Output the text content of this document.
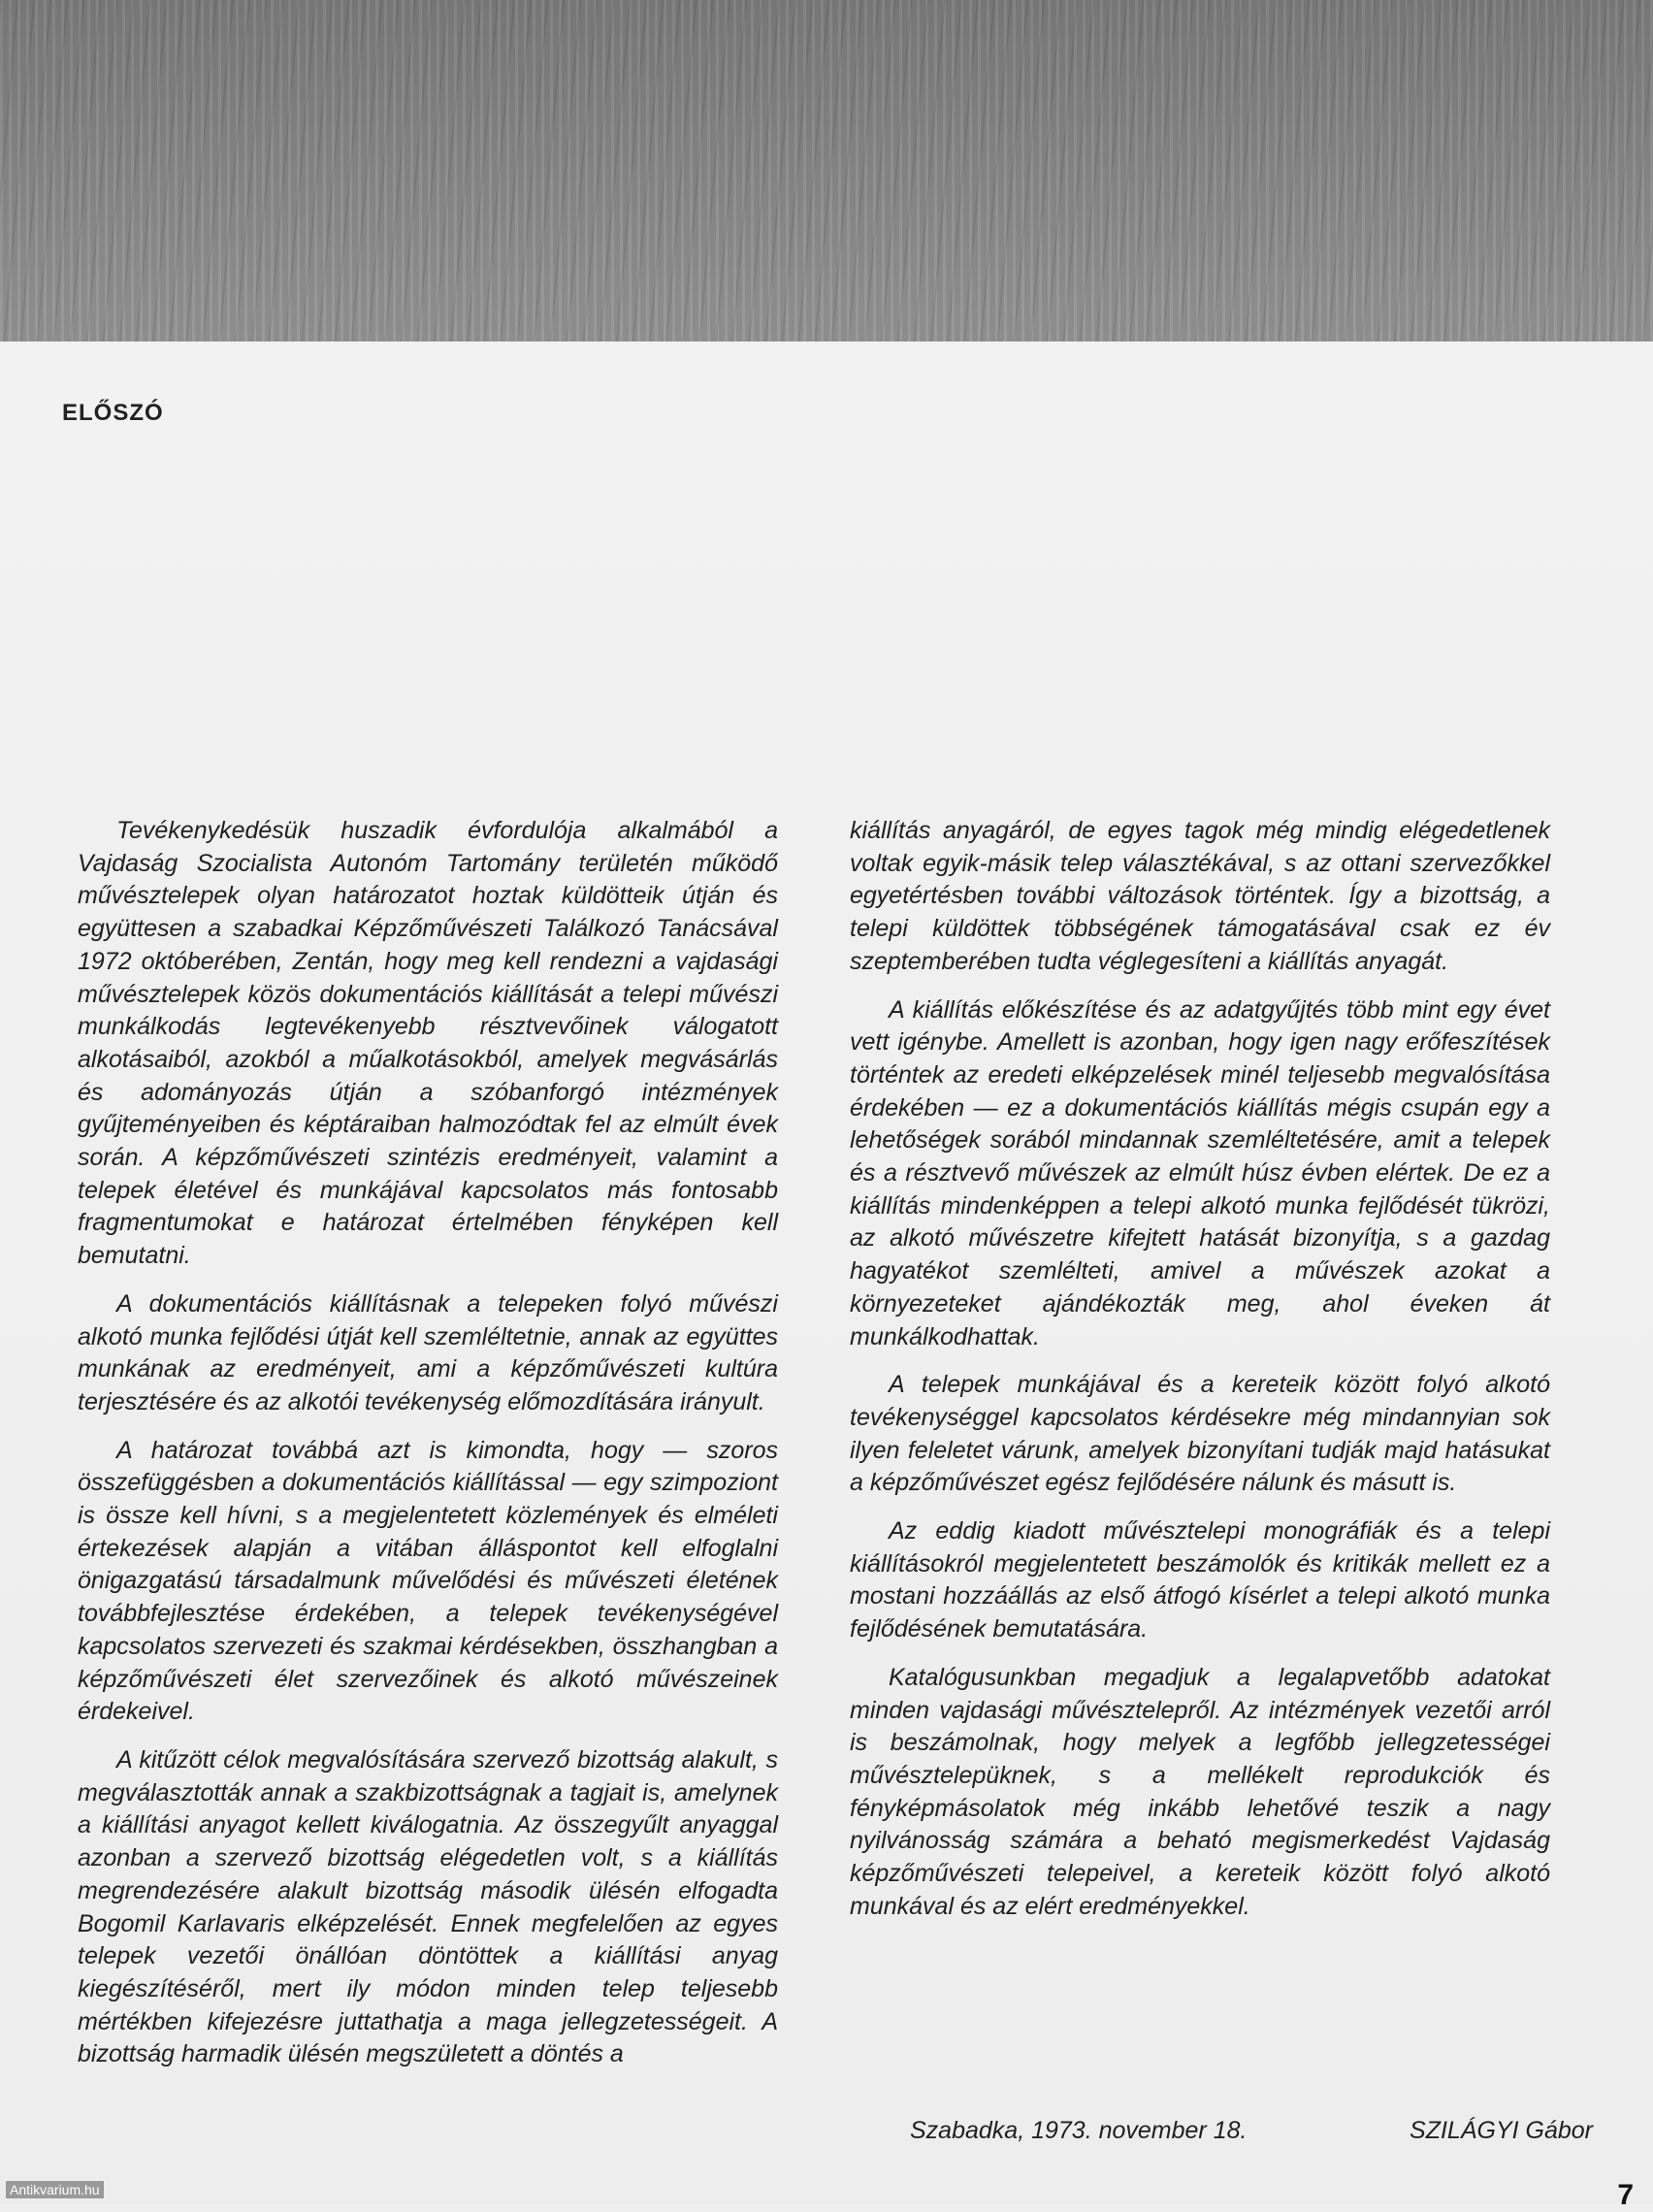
ELŐSZÓ

Tevékenykedésük huszadik évfordulója alkalmából a Vajdaság Szocialista Autonóm Tartomány területén működő művésztelepek olyan határozatot hoztak küldötteik útján és együttesen a szabadkai Képzőművészeti Találkozó Tanácsával 1972 októberében, Zentán, hogy meg kell rendezni a vajdasági művésztelepek közös dokumentációs kiállítását a telepi művészi munkálkodás legtevékenyebb résztvevőinek válogatott alkotásaiból, azokból a műalkotásokból, amelyek megvásárlás és adományozás útján a szóbanforgó intézmények gyűjteményeiben és képtáraiban halmozódtak fel az elmúlt évek során. A képzőművészeti szintézis eredményeit, valamint a telepek életével és munkájával kapcsolatos más fontosabb fragmentumokat e határozat értelmében fényképen kell bemutatni.

A dokumentációs kiállításnak a telepeken folyó művészi alkotó munka fejlődési útját kell szemléltetnie, annak az együttes munkának az eredményeit, ami a képzőművészeti kultúra terjesztésére és az alkotói tevékenység előmozdítására irányult.

A határozat továbbá azt is kimondta, hogy — szoros összefüggésben a dokumentációs kiállítással — egy szimpoziont is össze kell hívni, s a megjelentetett közlemények és elméleti értekezések alapján a vitában álláspontot kell elfoglalni önigazgatású társadalmunk művelődési és művészeti életének továbbfejlesztése érdekében, a telepek tevékenységével kapcsolatos szervezeti és szakmai kérdésekben, összhangban a képzőművészeti élet szervezőinek és alkotó művészeinek érdekeivel.

A kitűzött célok megvalósítására szervező bizottság alakult, s megválasztották annak a szakbizottságnak a tagjait is, amelynek a kiállítási anyagot kellett kiválogatnia. Az összegyűlt anyaggal azonban a szervező bizottság elégedetlen volt, s a kiállítás megrendezésére alakult bizottság második ülésén elfogadta Bogomil Karlavaris elképzelését. Ennek megfelelően az egyes telepek vezetői önállóan döntöttek a kiállítási anyag kiegészítéséről, mert ily módon minden telep teljesebb mértékben kifejezésre juttathatja a maga jellegzetességeit. A bizottság harmadik ülésén megszületett a döntés a

kiállítás anyagáról, de egyes tagok még mindig elégedetlenek voltak egyik-másik telep választékával, s az ottani szervezőkkel egyetértésben további változások történtek. Így a bizottság, a telepi küldöttek többségének támogatásával csak ez év szeptemberében tudta véglegesíteni a kiállítás anyagát.

A kiállítás előkészítése és az adatgyűjtés több mint egy évet vett igénybe. Amellett is azonban, hogy igen nagy erőfeszítések történtek az eredeti elképzelések minél teljesebb megvalósítása érdekében — ez a dokumentációs kiállítás mégis csupán egy a lehetőségek sorából mindannak szemléltetésére, amit a telepek és a résztvevő művészek az elmúlt húsz évben elértek. De ez a kiállítás mindenképpen a telepi alkotó munka fejlődését tükrözi, az alkotó művészetre kifejtett hatását bizonyítja, s a gazdag hagyatékot szemlélteti, amivel a művészek azokat a környezeteket ajándékozták meg, ahol éveken át munkálkodhattak.

A telepek munkájával és a kereteik között folyó alkotó tevékenységgel kapcsolatos kérdésekre még mindannyian sok ilyen feleletet várunk, amelyek bizonyítani tudják majd hatásukat a képzőművészet egész fejlődésére nálunk és másutt is.

Az eddig kiadott művésztelepi monográfiák és a telepi kiállításokról megjelentetett beszámolók és kritikák mellett ez a mostani hozzáállás az első átfogó kísérlet a telepi alkotó munka fejlődésének bemutatására.

Katalógusunkban megadjuk a legalapvetőbb adatokat minden vajdasági művésztelepről. Az intézmények vezetői arról is beszámolnak, hogy melyek a legfőbb jellegzetességei művésztelepüknek, s a mellékelt reprodukciók és fényképmásolatok még inkább lehetővé teszik a nagy nyilvánosság számára a beható megismerkedést Vajdaság képzőművészeti telepeivel, a kereteik között folyó alkotó munkával és az elért eredményekkel.

Szabadka, 1973. november 18.	SZILÁGYI Gábor
7
Antikvarium.hu
